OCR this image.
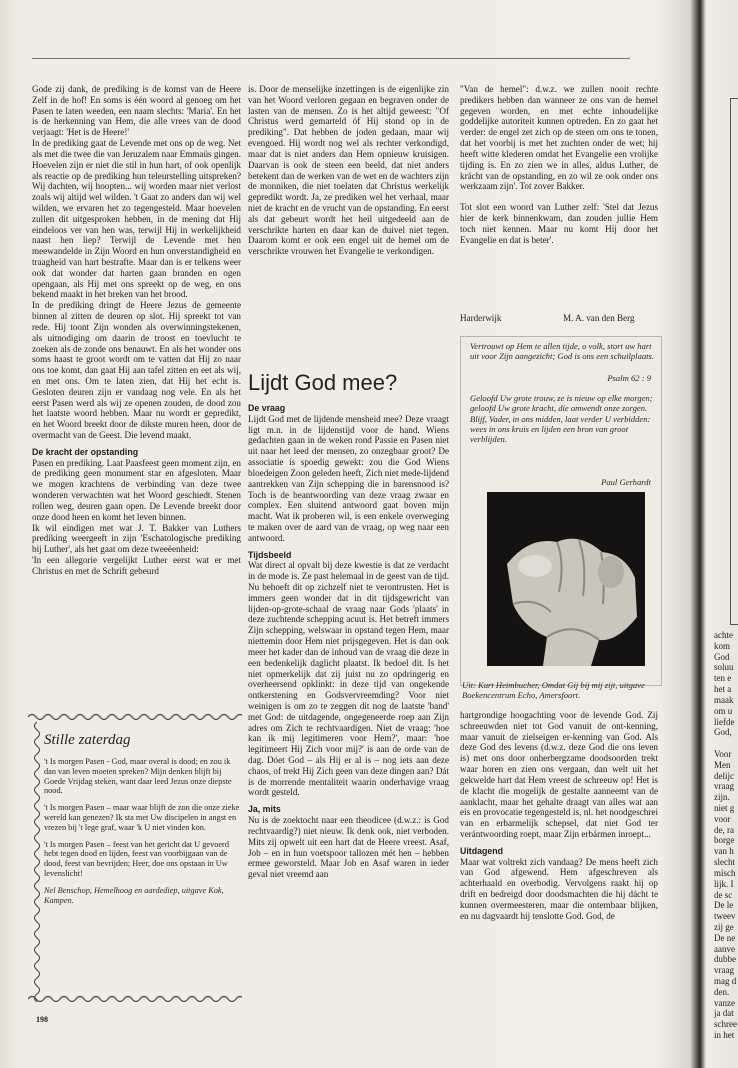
Gode zij dank, de prediking is de komst van de Heere Zelf in de hof! En soms is één woord al genoeg om het Pasen te laten weeden, een naam slechts: 'Maria'. En het is de herkenning van Hem, die alle vrees van de dood verjaagt: 'Het is de Heere!'

In de prediking gaat de Levende met ons op de weg. Net als met die twee die van Jeruzalem naar Emmaüs gingen. Hoevelen zijn er niet die stil in hun hart, of ook openlijk als reactie op de prediking hun teleurstelling uitspreken? Wij dachten, wij hoopten... wij worden maar niet verlost zoals wij altijd wel wilden. 't Gaat zo anders dan wij wel wilden, we ervaren het zo tegengesteld. Maar hoevelen zullen dit uitgesproken hebben, in de mening dat Hij eindeloos ver van hen was, terwijl Hij in werkelijkheid naast hen liep? Terwijl de Levende met hen meewandelde in Zijn Woord en hun onverstandigheid en traagheid van hart bestrafte. Maar dan is er telkens weer ook dat wonder dat harten gaan branden en ogen opengaan, als Hij met ons spreekt op de weg, en ons bekend maakt in het breken van het brood.

In de prediking dringt de Heere Jezus de gemeente binnen al zitten de deuren op slot. Hij spreekt tot van rede. Hij toont Zijn wonden als overwinningstekenen, als uitnodiging om daarin de troost en toevlucht te zoeken als de zonde ons benauwt. En als het wonder ons soms haast te groot wordt om te vatten dat Hij zo naar ons toe komt, dan gaat Hij aan tafel zitten en eet als wij, en met ons. Om te laten zien, dat Hij het echt is. Gesloten deuren zijn er vandaag nog vele. En als het eerst Pasen werd als wij ze openen zouden, de dood zou het laatste woord hebben. Maar nu wordt er gepredikt, en het Woord breekt door de dikste muren heen, door de overmacht van de Geest. Die levend maakt.

De kracht der opstanding

Pasen en prediking. Laat Paasfeest geen moment zijn, en de prediking geen monument star en afgesloten. Maar we mogen krachtens de verbinding van deze twee wonderen verwachten wat het Woord geschiedt. Stenen rollen weg, deuren gaan open. De Levende breekt door onze dood heen en komt het leven binnen.

Ik wil eindigen met wat J. T. Bakker van Luthers prediking weergeeft in zijn 'Eschatologische prediking bij Luther', als het gaat om deze tweeëenheid:

'In een allegorie vergelijkt Luther eerst wat er met Christus en met de Schrift gebeurd

Stille zaterdag

't Is morgen Pasen - God, maar overal is dood; en zou ik dan van leven moeten spreken? Mijn denken blijft bij Goede Vrijdag steken, want daar leed Jezus onze diepste nood.

't Is morgen Pasen – maar waar blijft de zon die onze zieke wereld kan genezen? Ik sta met Uw discipelen in angst en vrezen bij 't lege graf, waar 'k U niet vinden kon.

't Is morgen Pasen – feest van het gericht dat U gevoerd hebt tegen dood en lijden, feest van voorbijgaan van de dood, feest van bevrijden; Heer, doe ons opstaan in Uw levenslicht!

Nel Benschop, Hemelhoog en aardediep, uitgave Kok, Kampen.

is. Door de menselijke inzettingen is de eigenlijke zin van het Woord verloren gegaan en begraven onder de lasten van de mensen. Zo is het altijd geweest: "Of Christus werd gemarteld óf Hij stond op in de prediking". Dat hebben de joden gedaan, maar wij evengoed. Hij wordt nog wel als rechter verkondigd, maar dat is niet anders dan Hem opnieuw kruisigen. Daarvan is ook de steen een beeld, dat niet anders betekent dan de werken van de wet en de wachters zijn de monniken, die niet toelaten dat Christus werkelijk gepredikt wordt. Ja, ze prediken wel het verhaal, maar niet de kracht en de vrucht van de opstanding. En eerst als dat gebeurt wordt het heil uitgedeeld aan de verschrikte harten en daar kan de duivel niet tegen. Daarom komt er ook een engel uit de hemel om de verschrikte vrouwen het Evangelie te verkondigen.

Lijdt God mee?

De vraag

Lijdt God met de lijdende mensheid mee? Deze vraagt ligt m.n. in de lijdenstijd voor de hand. Wiens gedachten gaan in de weken rond Passie en Pasen niet uit naar het leed der mensen, zo onzegbaar groot? De associatie is spoedig gewekt: zou die God Wiens bloedeigen Zoon geleden heeft, Zich niet mede-lijdend aantrekken van Zijn schepping die in barensnood is? Toch is de beantwoording van deze vraag zwaar en complex. Een sluitend antwoord gaat boven mijn macht. Wat ik proberen wil, is een enkele overweging te maken over de aard van de vraag, op weg naar een antwoord.

Tijdsbeeld

Wat direct al opvalt bij deze kwestie is dat ze verdacht in de mode is. Ze past helemaal in de geest van de tijd. Nu behoeft dit op zichzelf niet te verontrusten. Het is immers geen wonder dat in dit tijdsgewricht van lijden-op-grote-schaal de vraag naar Gods 'plaats' in deze zuchtende schepping acuut is. Het betreft immers Zijn schepping, welswaar in opstand tegen Hem, maar niettemin door Hem niet prijsgegeven. Het is dan ook meer het kader dan de inhoud van de vraag die deze in een bedenkelijk daglicht plaatst. Ik bedoel dit. Is het niet opmerkelijk dat zij juist nu zo opdringerig en overheersend opklinkt: in deze tijd van ongekende ontkerstening en Godsvervreemding? Voor niet weinigen is om zo te zeggen dit nog de laatste 'band' met God: de uitdagende, ongegeneerde roep aan Zijn adres om Zich te rechtvaardigen. Niet de vraag: 'hoe kan ik mij legitimeren voor Hem?', maar: 'hoe legitimeert Hij Zich voor mij?' is aan de orde van de dag. Dóet God – als Hij er al is – nog iets aan deze chaos, of trekt Hij Zich geen van deze dingen aan? Dát is de morrende mentaliteit waarin onderhavige vraag wordt gesteld.

Ja, mits

Nu is de zoektocht naar een theodicee (d.w.z.: is God rechtvaardig?) niet nieuw. Ik denk ook, niet verboden. Mits zij opwelt uit een hart dat de Heere vreest. Asaf, Job – en in hun voetspoor tallozen mét hen – hebben ermee geworsteld. Maar Job en Asaf waren in ieder geval niet vreemd aan

"Van de hemel": d.w.z. we zullen nooit rechte predikers hebben dan wanneer ze ons van de hemel gegeven worden, en met echte inhoudelijke goddelijke autoriteit kunnen optreden. En zo gaat het verder: de engel zet zich op de steen om ons te tonen, dat het voorbij is met het zuchten onder de wet; hij heeft witte klederen omdat het Evangelie een vrolijke tijding is. En zo zien we in alles, aldus Luther, de krácht van de opstanding, en zo wil ze ook onder ons werkzaam zijn'. Tot zover Bakker.

Tot slot een woord van Luther zelf: 'Stel dat Jezus hier de kerk binnenkwam, dan zouden jullie Hem toch niet kennen. Maar nu komt Hij door het Evangelie en dat is beter'.

Harderwijk	M. A. van den Berg
Vertrouwt op Hem te allen tijde, o volk, stort uw hart uit voor Zijn aangezicht; God is ons een schuilplaats.
Psalm 62 : 9
Geloofd Uw grote trouw, ze is nieuw op elke morgen; geloofd Uw grote kracht, die omwendt onze zorgen. Blijf, Vader, in ons midden, laat verder U verbidden: wees in ons kruis en lijden een bron van groot verblijden.
Paul Gerhardt
Uit: Kurt Heimbucher, Omdat Gij bij mij zijt, uitgave Boekencentrum Echo, Amersfoort.

hartgrondige hoogachting voor de levende God. Zij schreeuwden niet tot God vanuit de ont-kenning, maar vanuit de zielseigen er-kenning van God. Als deze God des levens (d.w.z. deze God die ons leven is) met ons door onherbergzame doodsoorden trekt waar horen en zien ons vergaan, dan welt uit het gekwelde hart dat Hem vreest de schreeuw op! Het is de klacht die mogelijk de gestalte aanneemt van de aanklacht, maar het gehalte draagt van alles wat aan eis en provocatie tegengesteld is, nl. het noodgeschrei van en erbarmelijk schepsel, dat niet God ter verántwoording roept, maar Zijn erbármen inroept...

Uitdagend

Maar wat voltrekt zich vandaag? De mens heeft zich van God afgewend. Hem afgeschreven als achterhaald en overbodig. Vervolgens raakt hij op drift en bedreigd door doodsmachten die hij dácht te kunnen overmeesteren, maar die ontembaar blijken, en nu dagvaardt hij tenslotte God. God, de

198
achte
kom
God
soluu
ten e
het a
maak
om u
liefde
God,
Voor
Men
delijc
vraag
zijn.
niet g
voor
de, ra
borge
van h
slecht
misch
lijk. I
de sc
De le
tweev
zij ge
De ne
aanve
dubbe
vraag
mag d
den.
vanze
ja dat
schree
in het
